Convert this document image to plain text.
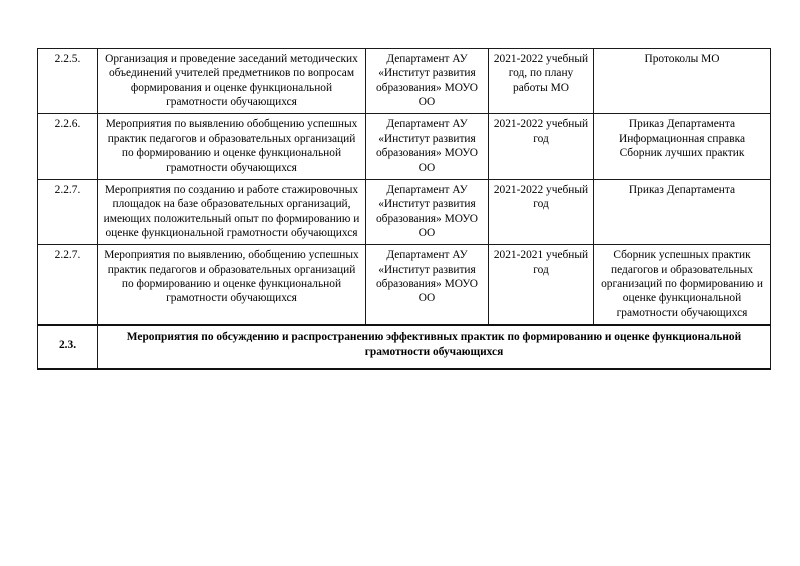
2.2.5.	Организация и проведение заседаний методических объединений учителей предметников по вопросам формирования и оценке функциональной грамотности обучающихся	Департамент АУ «Институт развития образования» МОУО ОО	2021-2022 учебный год, по плану работы МО	Протоколы МО
2.2.6.	Мероприятия по выявлению обобщению успешных практик педагогов и образовательных организаций по формированию и оценке функциональной грамотности обучающихся	Департамент АУ «Институт развития образования» МОУО ОО	2021-2022 учебный год	Приказ Департамента Информационная справка Сборник лучших практик
2.2.7.	Мероприятия по созданию и работе стажировочных площадок на базе образовательных организаций, имеющих положительный опыт по формированию и оценке функциональной грамотности обучающихся	Департамент АУ «Институт развития образования» МОУО ОО	2021-2022 учебный год	Приказ Департамента
2.2.7.	Мероприятия по выявлению, обобщению успешных практик педагогов и образовательных организаций по формированию и оценке функциональной грамотности обучающихся	Департамент АУ «Институт развития образования» МОУО ОО	2021-2021 учебный год	Сборник успешных практик педагогов и образовательных организаций по формированию и оценке функциональной грамотности обучающихся
2.3.	Мероприятия по обсуждению и распространению эффективных практик по формированию и оценке функциональной грамотности обучающихся			
